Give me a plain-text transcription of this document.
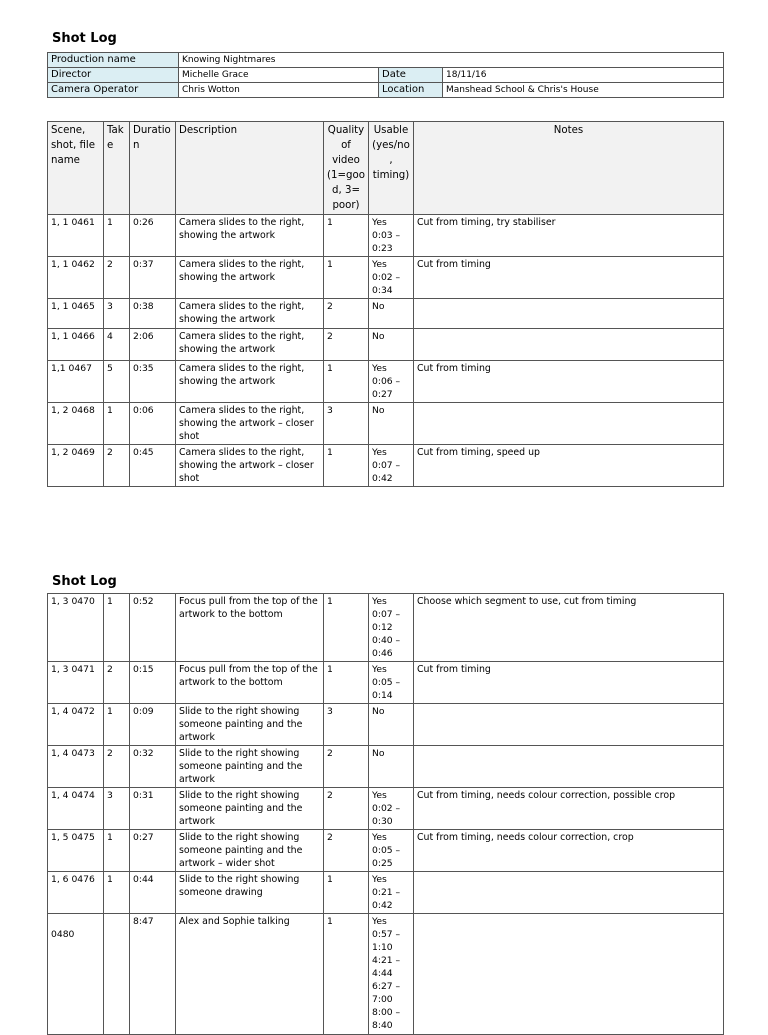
Shot Log
Production name	Knowing Nightmares		
Director	Michelle Grace	Date	18/11/16
Camera Operator	Chris Wotton	Location	Manshead School & Chris's House
Scene, shot, file name	Take	Duration	Description	Quality of video (1=good, 3= poor)	Usable (yes/no, timing)	Notes
1, 1 0461	1	0:26	Camera slides to the right, showing the artwork	1	Yes 0:03 – 0:23	Cut from timing, try stabiliser
1, 1 0462	2	0:37	Camera slides to the right, showing the artwork	1	Yes 0:02 – 0:34	Cut from timing
1, 1 0465	3	0:38	Camera slides to the right, showing the artwork	2	No	
1, 1 0466	4	2:06	Camera slides to the right, showing the artwork	2	No	
1,1 0467	5	0:35	Camera slides to the right, showing the artwork	1	Yes 0:06 – 0:27	Cut from timing
1, 2 0468	1	0:06	Camera slides to the right, showing the artwork – closer shot	3	No	
1, 2 0469	2	0:45	Camera slides to the right, showing the artwork – closer shot	1	Yes 0:07 – 0:42	Cut from timing, speed up
Shot Log
1, 3 0470	1	0:52	Focus pull from the top of the artwork to the bottom	1	Yes 0:07 – 0:12 0:40 – 0:46	Choose which segment to use, cut from timing
1, 3 0471	2	0:15	Focus pull from the top of the artwork to the bottom	1	Yes 0:05 – 0:14	Cut from timing
1, 4 0472	1	0:09	Slide to the right showing someone painting and the artwork	3	No	
1, 4 0473	2	0:32	Slide to the right showing someone painting and the artwork	2	No	
1, 4 0474	3	0:31	Slide to the right showing someone painting and the artwork	2	Yes 0:02 – 0:30	Cut from timing, needs colour correction, possible crop
1, 5 0475	1	0:27	Slide to the right showing someone painting and the artwork – wider shot	2	Yes 0:05 – 0:25	Cut from timing, needs colour correction, crop
1, 6 0476	1	0:44	Slide to the right showing someone drawing	1	Yes 0:21 – 0:42	
0480		8:47	Alex and Sophie talking	1	Yes 0:57 – 1:10 4:21 – 4:44 6:27 – 7:00 8:00 – 8:40	
